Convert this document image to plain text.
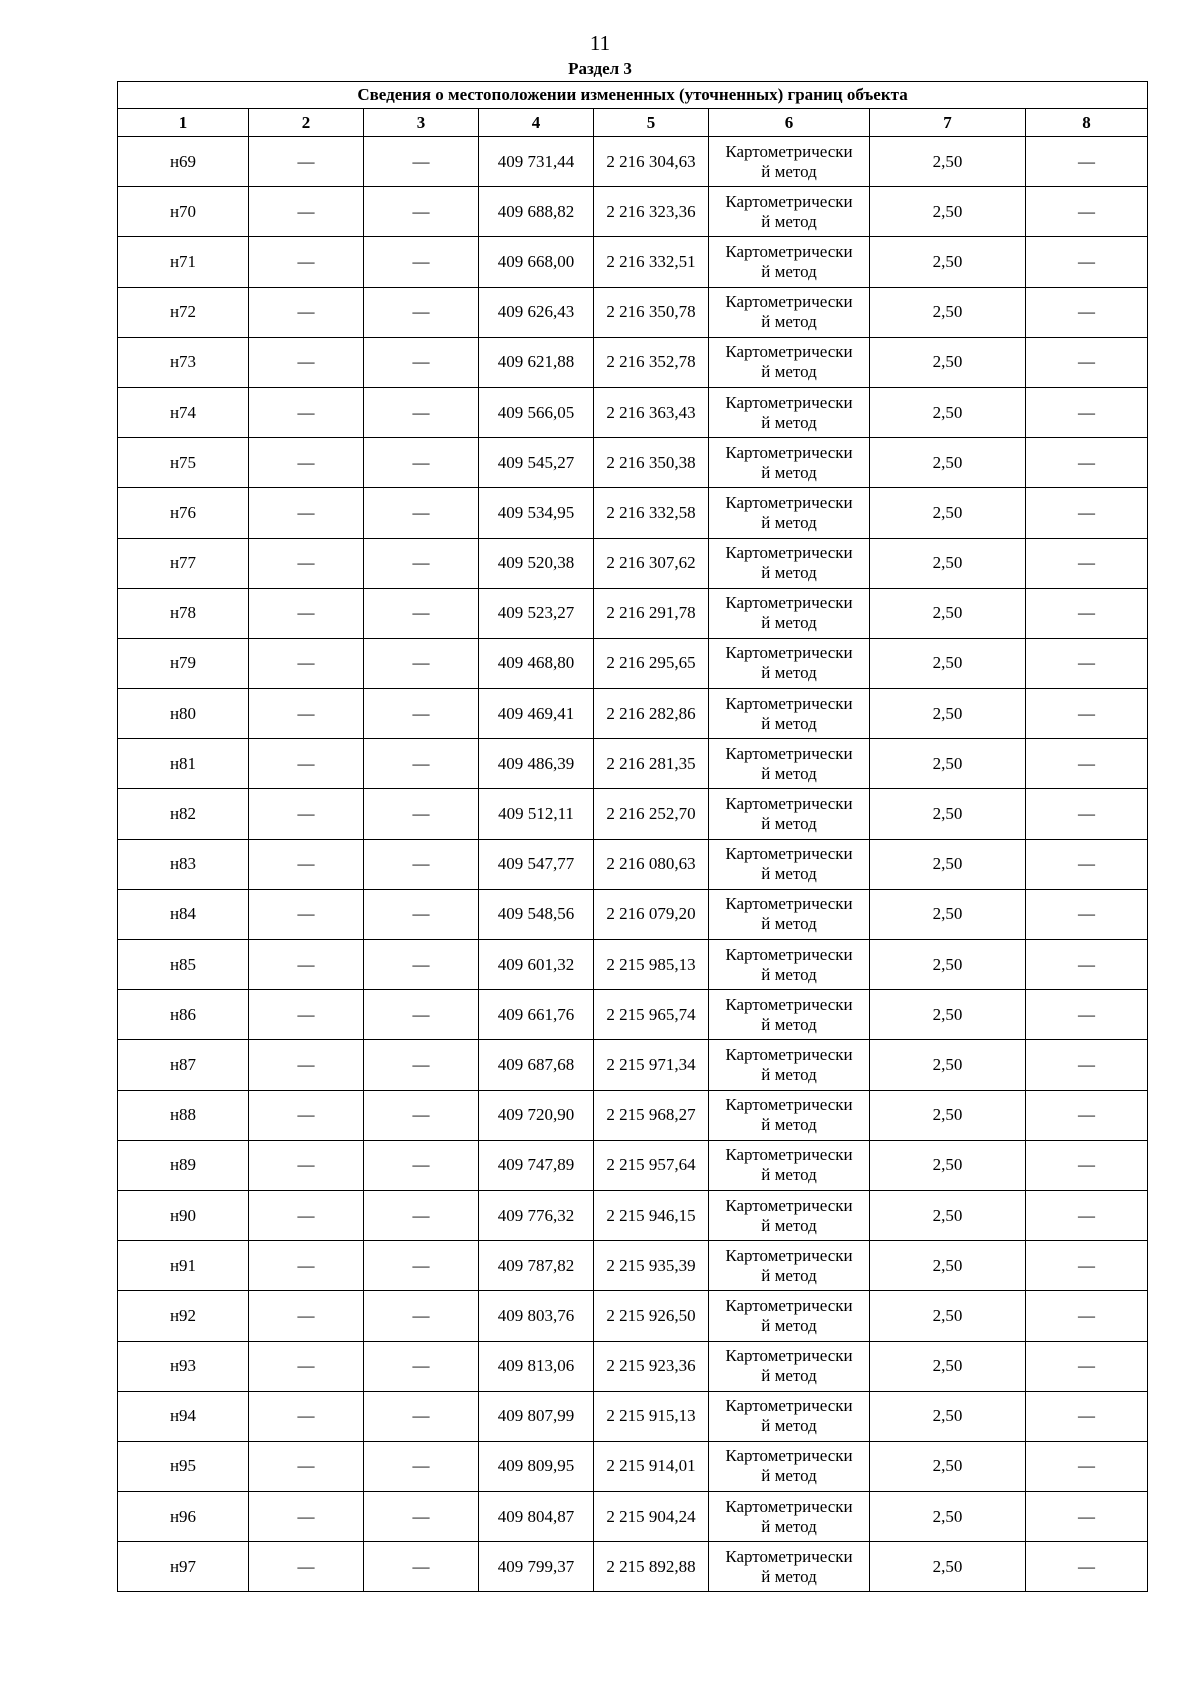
11
Раздел 3
Сведения о местоположении измененных (уточненных) границ объекта							
1	2	3	4	5	6	7	8
н69	—	—	409 731,44	2 216 304,63	Картометрически
й метод	2,50	—
н70	—	—	409 688,82	2 216 323,36	Картометрически
й метод	2,50	—
н71	—	—	409 668,00	2 216 332,51	Картометрически
й метод	2,50	—
н72	—	—	409 626,43	2 216 350,78	Картометрически
й метод	2,50	—
н73	—	—	409 621,88	2 216 352,78	Картометрически
й метод	2,50	—
н74	—	—	409 566,05	2 216 363,43	Картометрически
й метод	2,50	—
н75	—	—	409 545,27	2 216 350,38	Картометрически
й метод	2,50	—
н76	—	—	409 534,95	2 216 332,58	Картометрически
й метод	2,50	—
н77	—	—	409 520,38	2 216 307,62	Картометрически
й метод	2,50	—
н78	—	—	409 523,27	2 216 291,78	Картометрически
й метод	2,50	—
н79	—	—	409 468,80	2 216 295,65	Картометрически
й метод	2,50	—
н80	—	—	409 469,41	2 216 282,86	Картометрически
й метод	2,50	—
н81	—	—	409 486,39	2 216 281,35	Картометрически
й метод	2,50	—
н82	—	—	409 512,11	2 216 252,70	Картометрически
й метод	2,50	—
н83	—	—	409 547,77	2 216 080,63	Картометрически
й метод	2,50	—
н84	—	—	409 548,56	2 216 079,20	Картометрически
й метод	2,50	—
н85	—	—	409 601,32	2 215 985,13	Картометрически
й метод	2,50	—
н86	—	—	409 661,76	2 215 965,74	Картометрически
й метод	2,50	—
н87	—	—	409 687,68	2 215 971,34	Картометрически
й метод	2,50	—
н88	—	—	409 720,90	2 215 968,27	Картометрически
й метод	2,50	—
н89	—	—	409 747,89	2 215 957,64	Картометрически
й метод	2,50	—
н90	—	—	409 776,32	2 215 946,15	Картометрически
й метод	2,50	—
н91	—	—	409 787,82	2 215 935,39	Картометрически
й метод	2,50	—
н92	—	—	409 803,76	2 215 926,50	Картометрически
й метод	2,50	—
н93	—	—	409 813,06	2 215 923,36	Картометрически
й метод	2,50	—
н94	—	—	409 807,99	2 215 915,13	Картометрически
й метод	2,50	—
н95	—	—	409 809,95	2 215 914,01	Картометрически
й метод	2,50	—
н96	—	—	409 804,87	2 215 904,24	Картометрически
й метод	2,50	—
н97	—	—	409 799,37	2 215 892,88	Картометрически
й метод	2,50	—
